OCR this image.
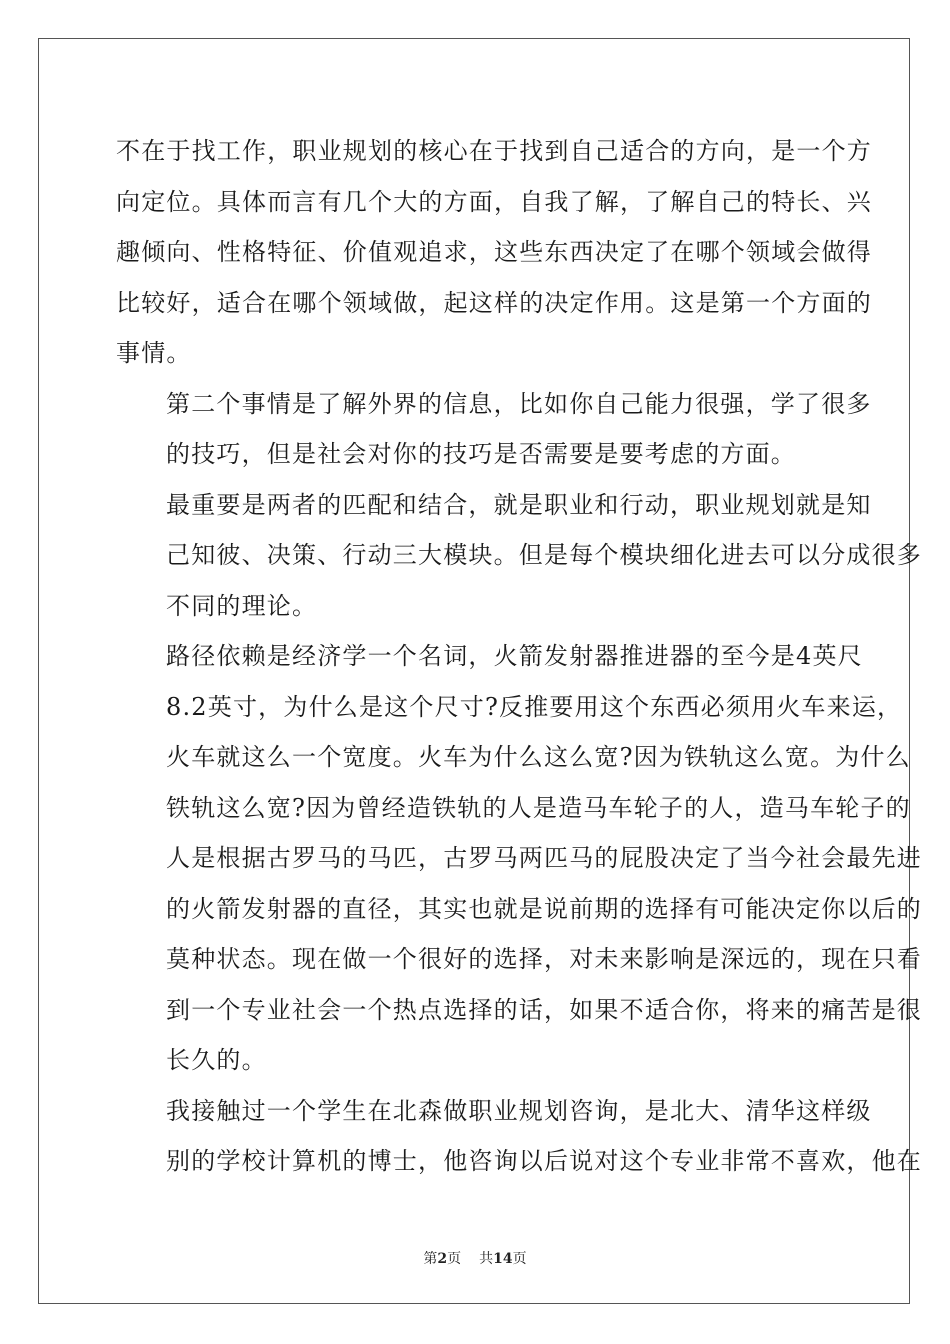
不在于找工作，职业规划的核心在于找到自己适合的方向，是一个方
向定位。具体而言有几个大的方面，自我了解，了解自己的特长、兴
趣倾向、性格特征、价值观追求，这些东西决定了在哪个领域会做得
比较好，适合在哪个领域做，起这样的决定作用。这是第一个方面的
事情。

第二个事情是了解外界的信息，比如你自己能力很强，学了很多
的技巧，但是社会对你的技巧是否需要是要考虑的方面。

最重要是两者的匹配和结合，就是职业和行动，职业规划就是知
己知彼、决策、行动三大模块。但是每个模块细化进去可以分成很多
不同的理论。

路径依赖是经济学一个名词，火箭发射器推进器的至今是4英尺
8.2英寸，为什么是这个尺寸?反推要用这个东西必须用火车来运，
火车就这么一个宽度。火车为什么这么宽?因为铁轨这么宽。为什么
铁轨这么宽?因为曾经造铁轨的人是造马车轮子的人，造马车轮子的
人是根据古罗马的马匹，古罗马两匹马的屁股决定了当今社会最先进
的火箭发射器的直径，其实也就是说前期的选择有可能决定你以后的
莫种状态。现在做一个很好的选择，对未来影响是深远的，现在只看
到一个专业社会一个热点选择的话，如果不适合你，将来的痛苦是很
长久的。

我接触过一个学生在北森做职业规划咨询，是北大、清华这样级
别的学校计算机的博士，他咨询以后说对这个专业非常不喜欢，他在

第2页 共14页
